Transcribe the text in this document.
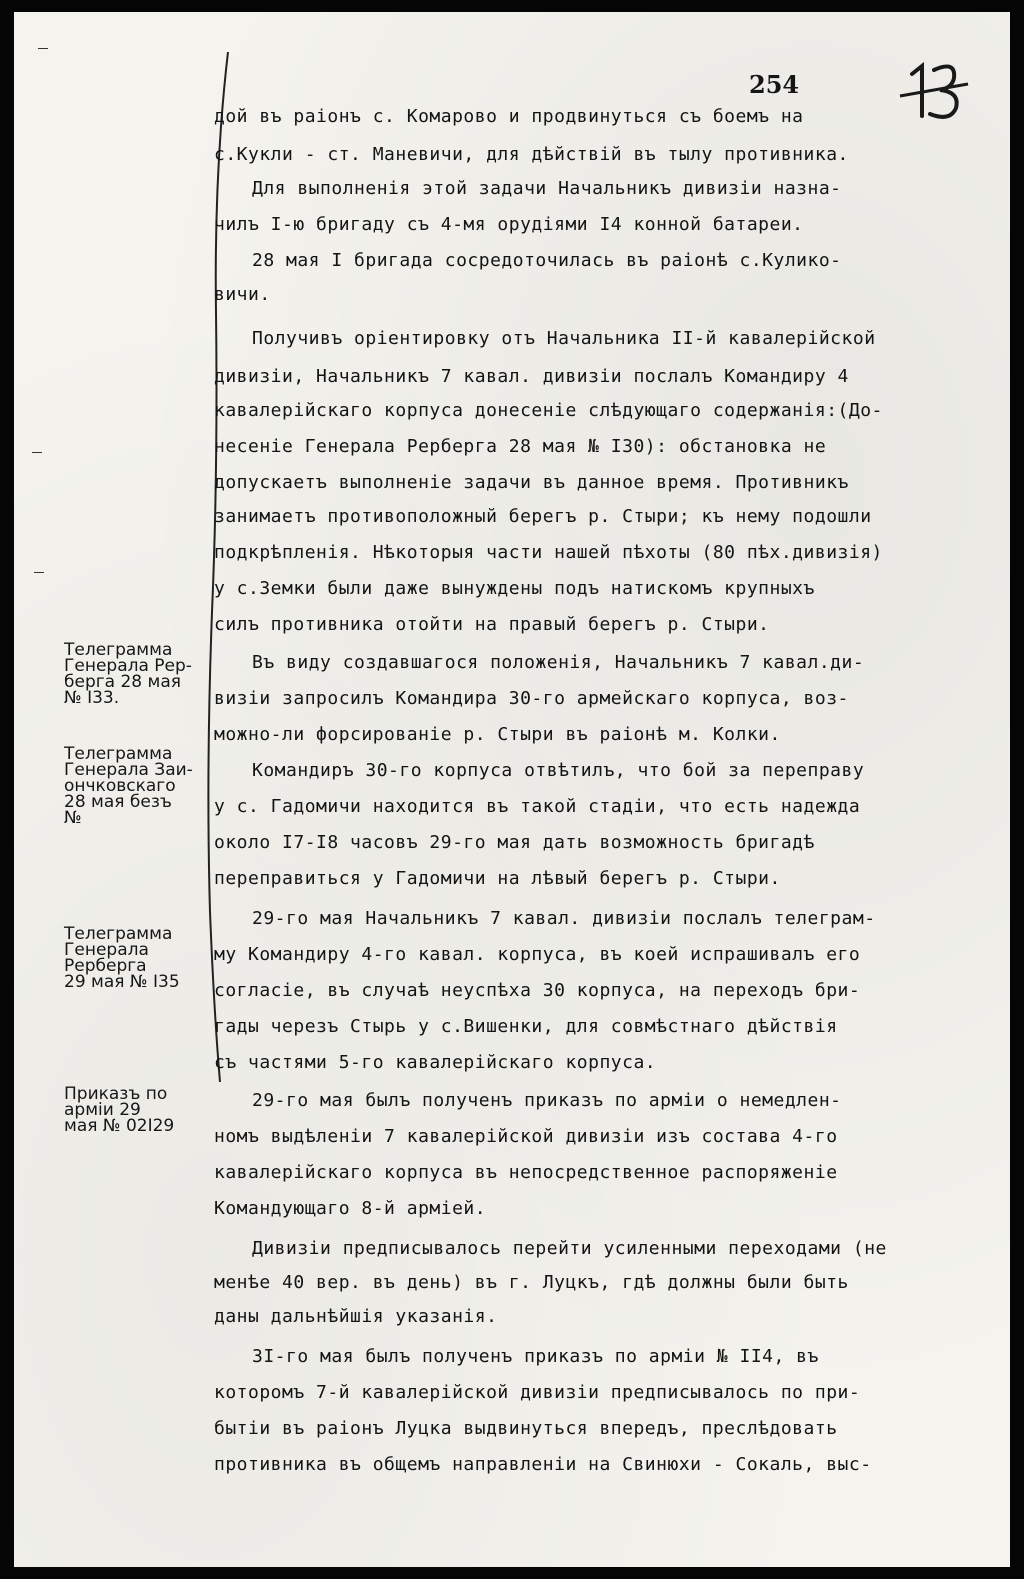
254
дой въ раіонъ с. Комарово и продвинуться съ боемъ на
с.Кукли - ст. Маневичи, для дѣйствій въ тылу противника.
Для выполненія этой задачи Начальникъ дивизіи назна-
чилъ І-ю бригаду съ 4-мя орудіями І4 конной батареи.
28 мая І бригада сосредоточилась въ раіонѣ с.Кулико-
вичи.
Получивъ оріентировку отъ Начальника ІІ-й кавалерійской
дивизіи, Начальникъ 7 кавал. дивизіи послалъ Командиру 4
кавалерійскаго корпуса донесеніе слѣдующаго содержанія:(До-
несеніе Генерала Рерберга 28 мая № І30): обстановка не
допускаетъ выполненіе задачи въ данное время. Противникъ
занимаетъ противоположный берегъ р. Стыри; къ нему подошли
подкрѣпленія. Нѣкоторыя части нашей пѣхоты (80 пѣх.дивизія)
у с.Земки были даже вынуждены подъ натискомъ крупныхъ
силъ противника отойти на правый берегъ р. Стыри.
Въ виду создавшагося положенія, Начальникъ 7 кавал.ди-
визіи запросилъ Командира 30-го армейскаго корпуса, воз-
можно-ли форсированіе р. Стыри въ раіонѣ м. Колки.
Командиръ 30-го корпуса отвѣтилъ, что бой за переправу
у с. Гадомичи находится въ такой стадіи, что есть надежда
около І7-І8 часовъ 29-го мая дать возможность бригадѣ
переправиться у Гадомичи на лѣвый берегъ р. Стыри.
29-го мая Начальникъ 7 кавал. дивизіи послалъ телеграм-
му Командиру 4-го кавал. корпуса, въ коей испрашивалъ его
согласіе, въ случаѣ неуспѣха 30 корпуса, на переходъ бри-
гады черезъ Стырь у с.Вишенки, для совмѣстнаго дѣйствія
съ частями 5-го кавалерійскаго корпуса.
29-го мая былъ полученъ приказъ по арміи о немедлен-
номъ выдѣленіи 7 кавалерійской дивизіи изъ состава 4-го
кавалерійскаго корпуса въ непосредственное распоряженіе
Командующаго 8-й арміей.
Дивизіи предписывалось перейти усиленными переходами (не
менѣе 40 вер. въ день) въ г. Луцкъ, гдѣ должны были быть
даны дальнѣйшія указанія.
3І-го мая былъ полученъ приказъ по арміи № ІІ4, въ
которомъ 7-й кавалерійской дивизіи предписывалось по при-
бытіи въ раіонъ Луцка выдвинуться впередъ, преслѣдовать
противника въ общемъ направленіи на Свинюхи - Сокаль, выс-
Телеграмма
Генерала Рер-
берга 28 мая
№ І33.
Телеграмма
Генерала Заи-
ончковскаго
28 мая безъ
№
Телеграмма
Генерала
Рерберга
29 мая № І35
Приказъ по
арміи 29
мая № 02І29
